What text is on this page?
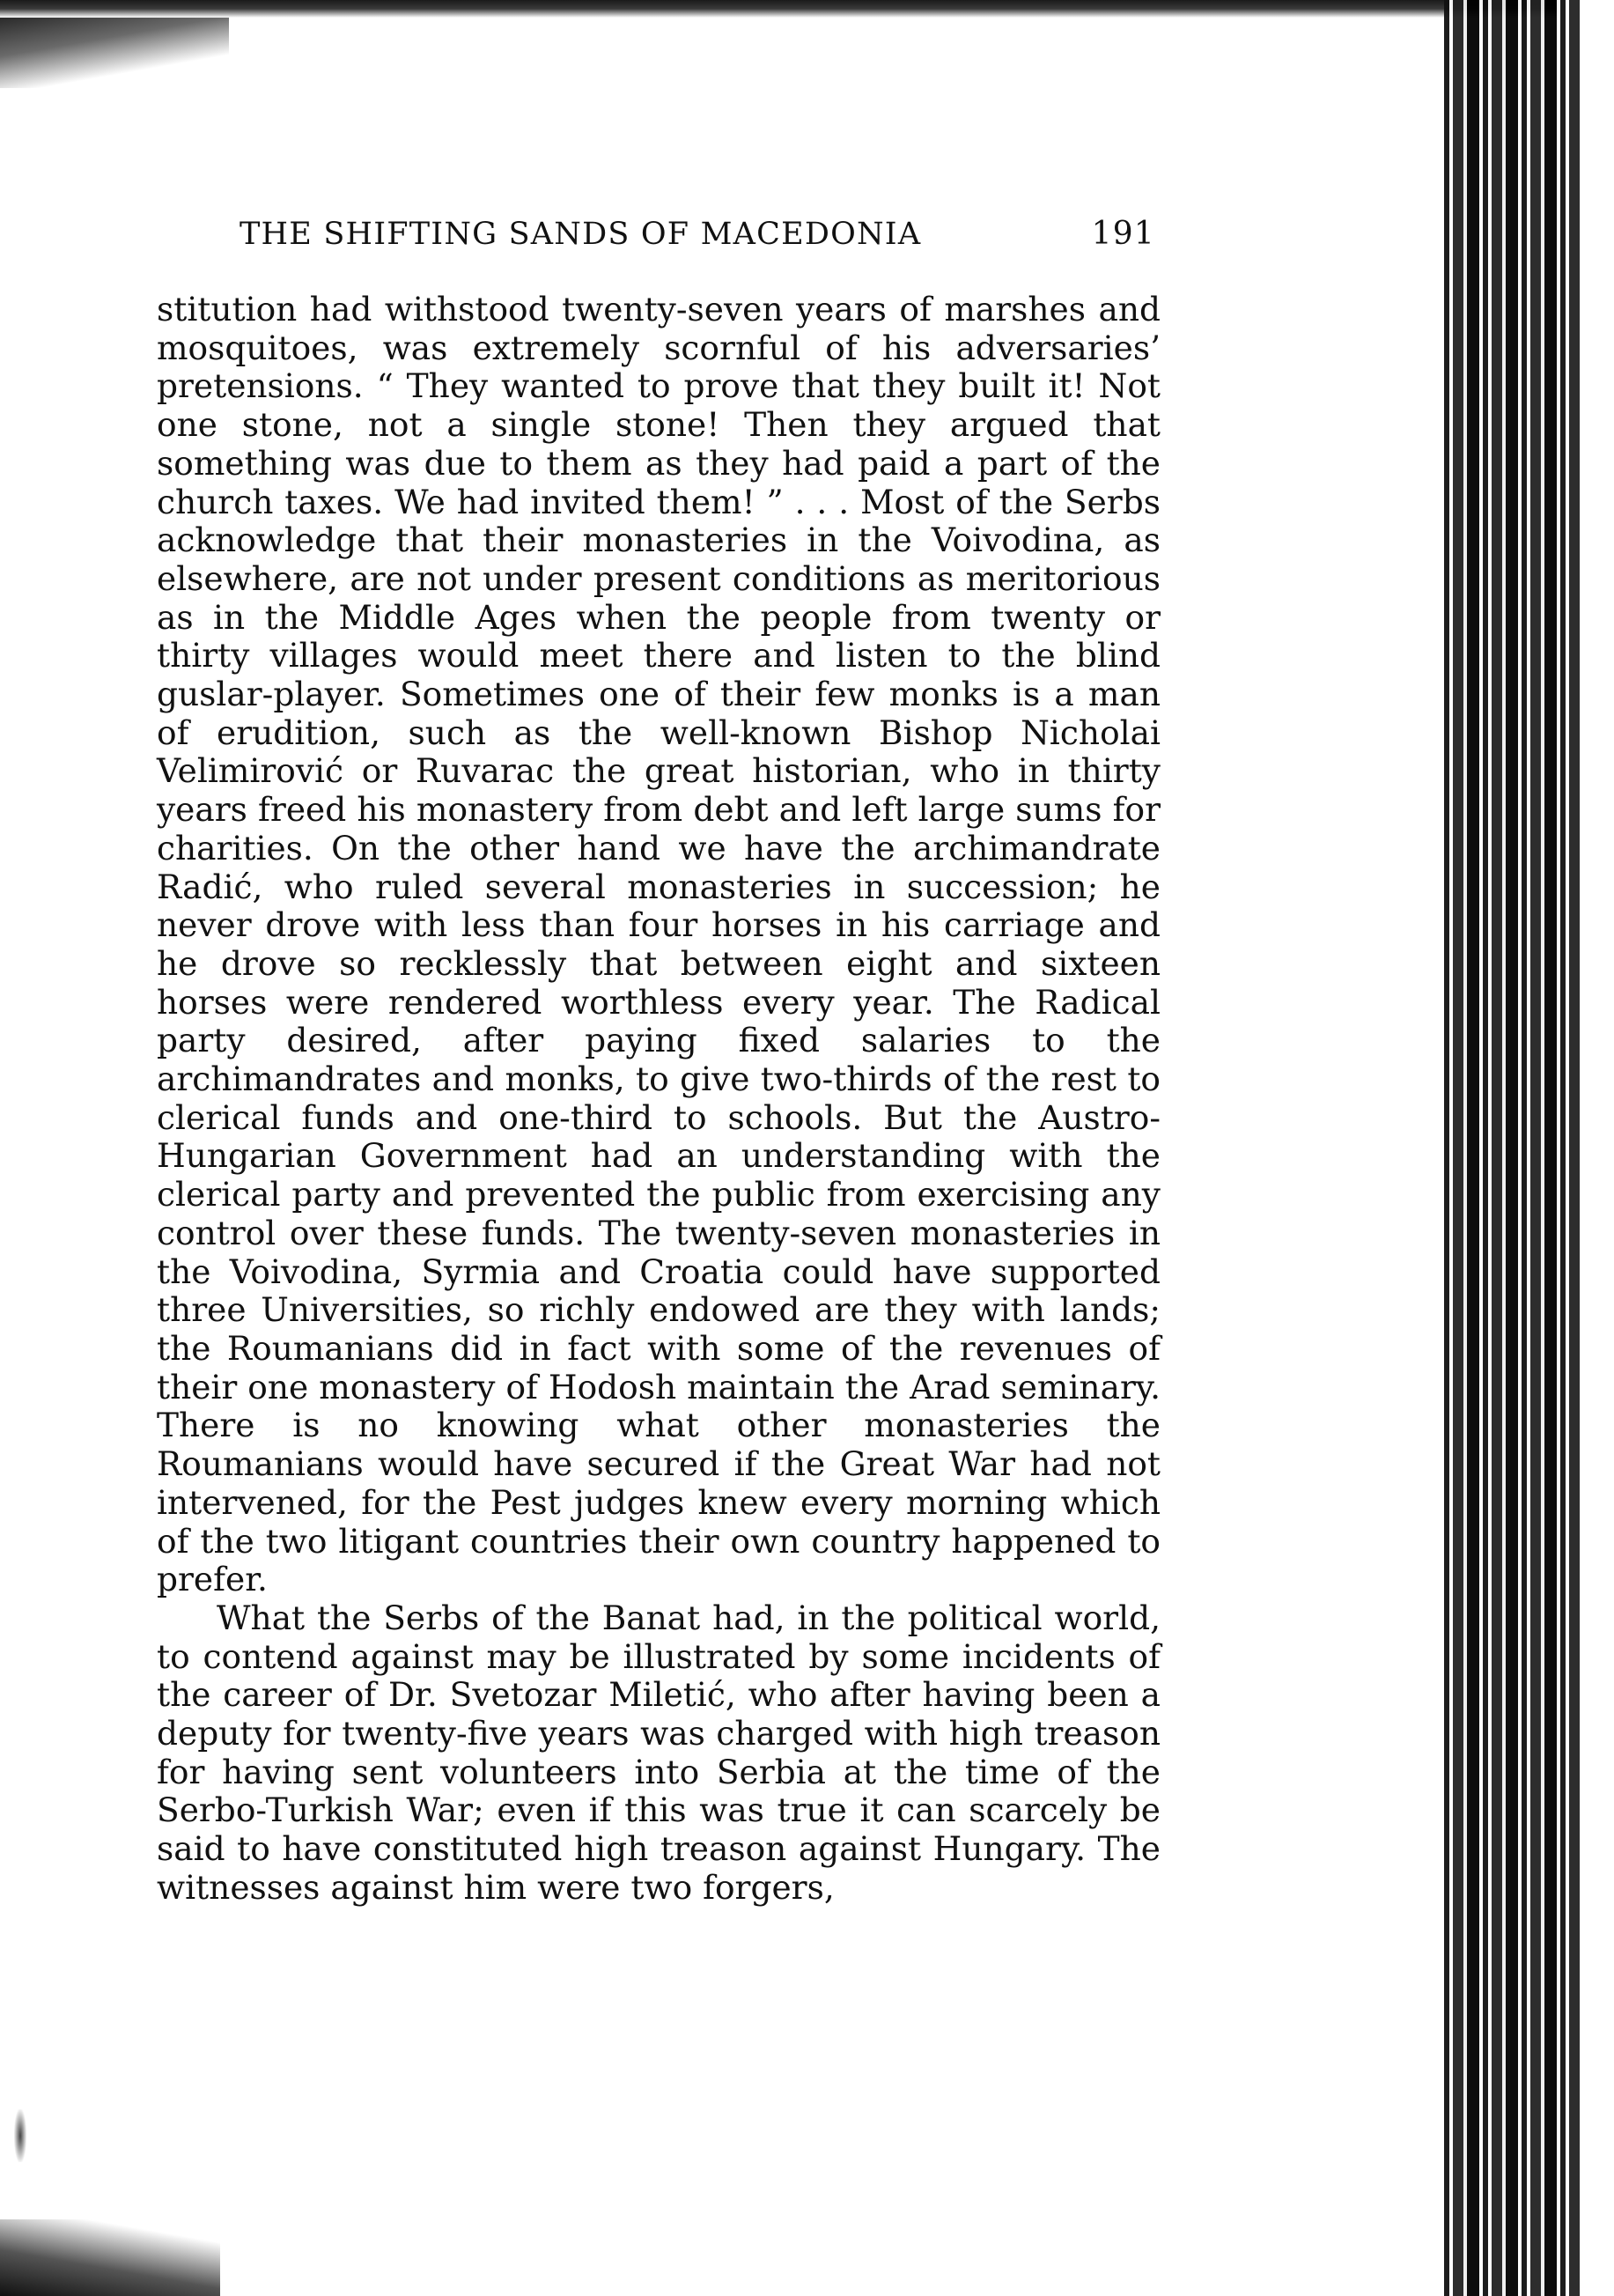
THE SHIFTING SANDS OF MACEDONIA	191

stitution had withstood twenty-seven years of marshes and mosquitoes, was extremely scornful of his adversaries’ pretensions. “ They wanted to prove that they built it! Not one stone, not a single stone! Then they argued that something was due to them as they had paid a part of the church taxes. We had invited them! ” . . . Most of the Serbs acknowledge that their monasteries in the Voivodina, as elsewhere, are not under present conditions as meritorious as in the Middle Ages when the people from twenty or thirty villages would meet there and listen to the blind guslar-player. Sometimes one of their few monks is a man of erudition, such as the well-known Bishop Nicholai Velimirović or Ruvarac the great historian, who in thirty years freed his monastery from debt and left large sums for charities. On the other hand we have the archimandrate Radić, who ruled several monasteries in succession; he never drove with less than four horses in his carriage and he drove so recklessly that between eight and sixteen horses were rendered worthless every year. The Radical party desired, after paying fixed salaries to the archimandrates and monks, to give two-thirds of the rest to clerical funds and one-third to schools. But the Austro-Hungarian Government had an understanding with the clerical party and prevented the public from exercising any control over these funds. The twenty-seven monasteries in the Voivodina, Syrmia and Croatia could have supported three Universities, so richly endowed are they with lands; the Roumanians did in fact with some of the revenues of their one monastery of Hodosh maintain the Arad seminary. There is no knowing what other monasteries the Roumanians would have secured if the Great War had not intervened, for the Pest judges knew every morning which of the two litigant countries their own country happened to prefer.

What the Serbs of the Banat had, in the political world, to contend against may be illustrated by some incidents of the career of Dr. Svetozar Miletić, who after having been a deputy for twenty-five years was charged with high treason for having sent volunteers into Serbia at the time of the Serbo-Turkish War; even if this was true it can scarcely be said to have constituted high treason against Hungary. The witnesses against him were two forgers,
